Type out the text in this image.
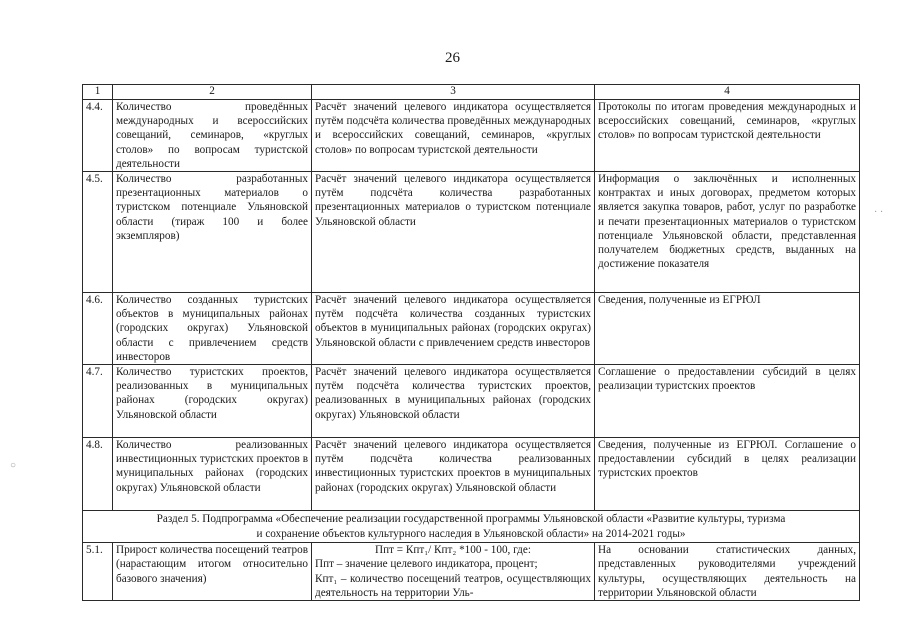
26
· ·
○
1	2	3	4
4.4.	Количество проведённых международных и всероссийских совещаний, семинаров, «круглых столов» по вопросам туристской деятельности	Расчёт значений целевого индикатора осуществляется путём подсчёта количества проведённых международных и всероссийских совещаний, семинаров, «круглых столов» по вопросам туристской деятельности	Протоколы по итогам проведения международных и всероссийских совещаний, семинаров, «круглых столов» по вопросам туристской деятельности
4.5.	Количество разработанных презентационных материалов о туристском потенциале Ульяновской области (тираж 100 и более экземпляров)	Расчёт значений целевого индикатора осуществляется путём подсчёта количества разработанных презентационных материалов о туристском потенциале Ульяновской области	Информация о заключённых и исполненных контрактах и иных договорах, предметом которых является закупка товаров, работ, услуг по разработке и печати презентационных материалов о туристском потенциале Ульяновской области, представленная получателем бюджетных средств, выданных на достижение показателя
4.6.	Количество созданных туристских объектов в муниципальных районах (городских округах) Ульяновской области с привлечением средств инвесторов	Расчёт значений целевого индикатора осуществляется путём подсчёта количества созданных туристских объектов в муниципальных районах (городских округах) Ульяновской области с привлечением средств инвесторов	Сведения, полученные из ЕГРЮЛ
4.7.	Количество туристских проектов, реализованных в муниципальных районах (городских округах) Ульяновской области	Расчёт значений целевого индикатора осуществляется путём подсчёта количества туристских проектов, реализованных в муниципальных районах (городских округах) Ульяновской области	Соглашение о предоставлении субсидий в целях реализации туристских проектов
4.8.	Количество реализованных инвестиционных туристских проектов в муниципальных районах (городских округах) Ульяновской области	Расчёт значений целевого индикатора осуществляется путём подсчёта количества реализованных инвестиционных туристских проектов в муниципальных районах (городских округах) Ульяновской области	Сведения, полученные из ЕГРЮЛ. Соглашение о предоставлении субсидий в целях реализации туристских проектов
Раздел 5. Подпрограмма «Обеспечение реализации государственной программы Ульяновской области «Развитие культуры, туризма
и сохранение объектов культурного наследия в Ульяновской области» на 2014-2021 годы»			
5.1.	Прирост количества посещений театров (нарастающим итогом относительно базового значения)	Ппт = Кпт₁/ Кпт₂ *100 - 100, где:
Ппт – значение целевого индикатора, процент;
Кпт₁ – количество посещений театров, осуществляющих деятельность на территории Уль-	На основании статистических данных, представленных руководителями учреждений культуры, осуществляющих деятельность на территории Ульяновской области
